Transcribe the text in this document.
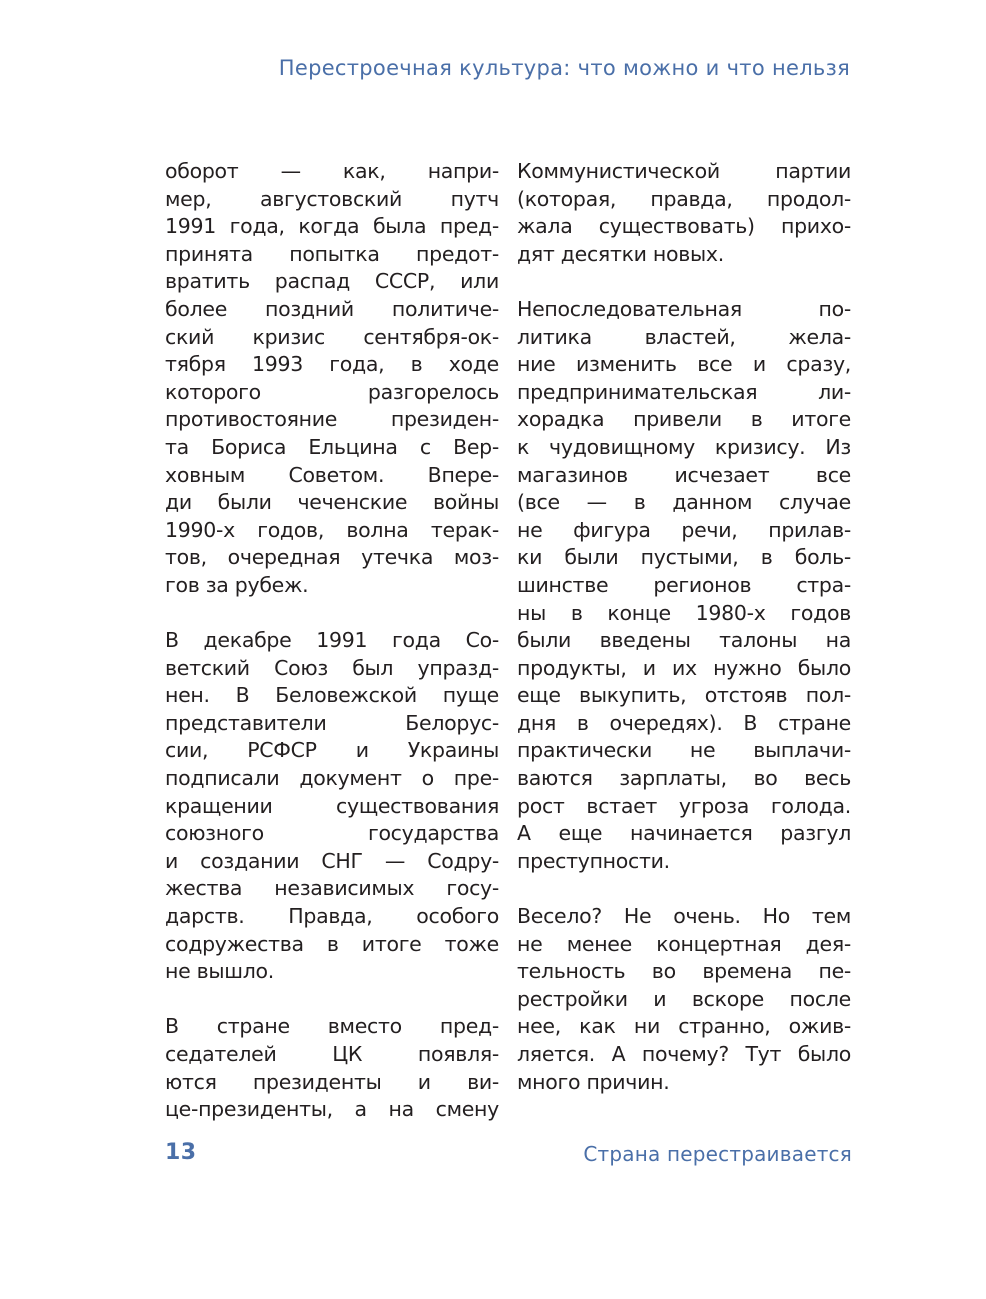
Перестроечная культура: что можно и что нельзя
оборот — как, напри-
мер, августовский путч
1991 года, когда была пред-
принята попытка предот-
вратить распад СССР, или
более поздний политиче-
ский кризис сентября-ок-
тября 1993 года, в ходе
которого разгорелось
противостояние президен-
та Бориса Ельцина с Вер-
ховным Советом. Впере-
ди были чеченские войны
1990-х годов, волна терак-
тов, очередная утечка моз-
гов за рубеж.
В декабре 1991 года Со-
ветский Союз был упразд-
нен. В Беловежской пуще
представители Белорус-
сии, РСФСР и Украины
подписали документ о пре-
кращении существования
союзного государства
и создании СНГ — Содру-
жества независимых госу-
дарств. Правда, особого
содружества в итоге тоже
не вышло.
В стране вместо пред-
седателей ЦК появля-
ются президенты и ви-
це-президенты, а на смену
Коммунистической партии
(которая, правда, продол-
жала существовать) прихо-
дят десятки новых.
Непоследовательная по-
литика властей, жела-
ние изменить все и сразу,
предпринимательская ли-
хорадка привели в итоге
к чудовищному кризису. Из
магазинов исчезает все
(все — в данном случае
не фигура речи, прилав-
ки были пустыми, в боль-
шинстве регионов стра-
ны в конце 1980-х годов
были введены талоны на
продукты, и их нужно было
еще выкупить, отстояв пол-
дня в очередях). В стране
практически не выплачи-
ваются зарплаты, во весь
рост встает угроза голода.
А еще начинается разгул
преступности.
Весело? Не очень. Но тем
не менее концертная дея-
тельность во времена пе-
рестройки и вскоре после
нее, как ни странно, ожив-
ляется. А почему? Тут было
много причин.
13	Страна перестраивается
